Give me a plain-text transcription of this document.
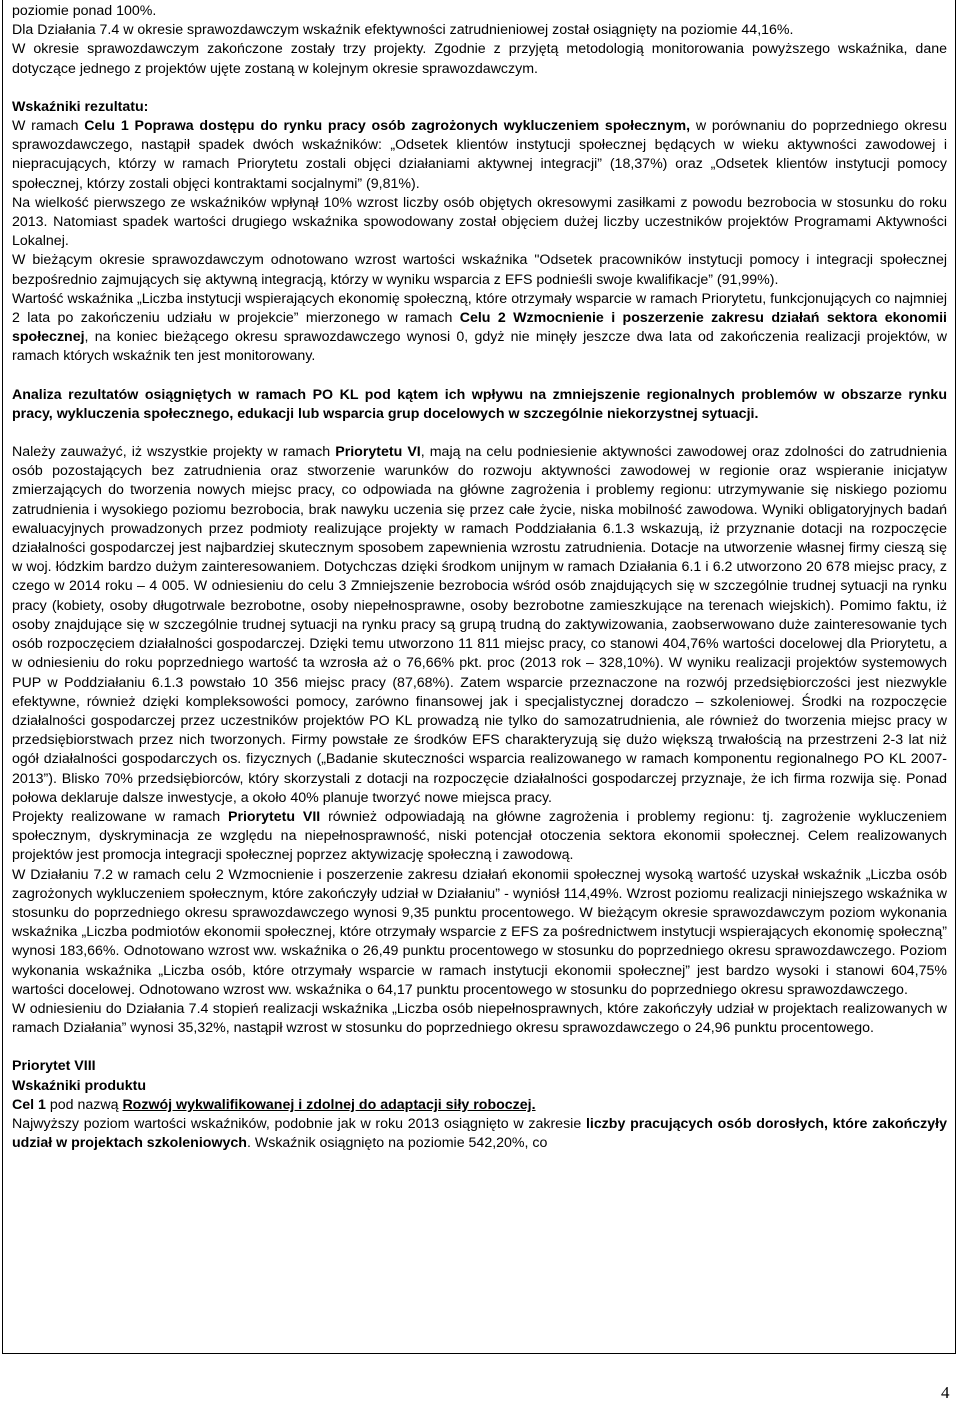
poziomie ponad 100%.

Dla Działania 7.4 w okresie sprawozdawczym wskaźnik efektywności zatrudnieniowej został osiągnięty na poziomie 44,16%.

W okresie sprawozdawczym zakończone zostały trzy projekty. Zgodnie z przyjętą metodologią monitorowania powyższego wskaźnika, dane dotyczące jednego z projektów ujęte zostaną w kolejnym okresie sprawozdawczym.

Wskaźniki rezultatu:

W ramach Celu 1 Poprawa dostępu do rynku pracy osób zagrożonych wykluczeniem społecznym, w porównaniu do poprzedniego okresu sprawozdawczego, nastąpił spadek dwóch wskaźników: „Odsetek klientów instytucji społecznej będących w wieku aktywności zawodowej i niepracujących, którzy w ramach Priorytetu zostali objęci działaniami aktywnej integracji” (18,37%) oraz „Odsetek klientów instytucji pomocy społecznej, którzy zostali objęci kontraktami socjalnymi” (9,81%).

Na wielkość pierwszego ze wskaźników wpłynął 10% wzrost liczby osób objętych okresowymi zasiłkami z powodu bezrobocia w stosunku do roku 2013. Natomiast spadek wartości drugiego wskaźnika spowodowany został objęciem dużej liczby uczestników projektów Programami Aktywności Lokalnej.

W bieżącym okresie sprawozdawczym odnotowano wzrost wartości wskaźnika "Odsetek pracowników instytucji pomocy i integracji społecznej bezpośrednio zajmujących się aktywną integracją, którzy w wyniku wsparcia z EFS podnieśli swoje kwalifikacje” (91,99%).

Wartość wskaźnika „Liczba instytucji wspierających ekonomię społeczną, które otrzymały wsparcie w ramach Priorytetu, funkcjonujących co najmniej 2 lata po zakończeniu udziału w projekcie” mierzonego w ramach Celu 2 Wzmocnienie i poszerzenie zakresu działań sektora ekonomii społecznej, na koniec bieżącego okresu sprawozdawczego wynosi 0, gdyż nie minęły jeszcze dwa lata od zakończenia realizacji projektów, w ramach których wskaźnik ten jest monitorowany.

Analiza rezultatów osiągniętych w ramach PO KL pod kątem ich wpływu na zmniejszenie regionalnych problemów w obszarze rynku pracy, wykluczenia społecznego, edukacji lub wsparcia grup docelowych w szczególnie niekorzystnej sytuacji.

Należy zauważyć, iż wszystkie projekty w ramach Priorytetu VI, mają na celu podniesienie aktywności zawodowej oraz zdolności do zatrudnienia osób pozostających bez zatrudnienia oraz stworzenie warunków do rozwoju aktywności zawodowej w regionie oraz wspieranie inicjatyw zmierzających do tworzenia nowych miejsc pracy, co odpowiada na główne zagrożenia i problemy regionu: utrzymywanie się niskiego poziomu zatrudnienia i wysokiego poziomu bezrobocia, brak nawyku uczenia się przez całe życie, niska mobilność zawodowa. Wyniki obligatoryjnych badań ewaluacyjnych prowadzonych przez podmioty realizujące projekty w ramach Poddziałania 6.1.3 wskazują, iż przyznanie dotacji na rozpoczęcie działalności gospodarczej jest najbardziej skutecznym sposobem zapewnienia wzrostu zatrudnienia. Dotacje na utworzenie własnej firmy cieszą się w woj. łódzkim bardzo dużym zainteresowaniem. Dotychczas dzięki środkom unijnym w ramach Działania 6.1 i 6.2 utworzono 20 678 miejsc pracy, z czego w 2014 roku – 4 005. W odniesieniu do celu 3 Zmniejszenie bezrobocia wśród osób znajdujących się w szczególnie trudnej sytuacji na rynku pracy (kobiety, osoby długotrwale bezrobotne, osoby niepełnosprawne, osoby bezrobotne zamieszkujące na terenach wiejskich). Pomimo faktu, iż osoby znajdujące się w szczególnie trudnej sytuacji na rynku pracy są grupą trudną do zaktywizowania, zaobserwowano duże zainteresowanie tych osób rozpoczęciem działalności gospodarczej. Dzięki temu utworzono 11 811 miejsc pracy, co stanowi 404,76% wartości docelowej dla Priorytetu, a w odniesieniu do roku poprzedniego wartość ta wzrosła aż o 76,66% pkt. proc (2013 rok – 328,10%). W wyniku realizacji projektów systemowych PUP w Poddziałaniu 6.1.3 powstało 10 356 miejsc pracy (87,68%). Zatem wsparcie przeznaczone na rozwój przedsiębiorczości jest niezwykle efektywne, również dzięki kompleksowości pomocy, zarówno finansowej jak i specjalistycznej doradczo – szkoleniowej. Środki na rozpoczęcie działalności gospodarczej przez uczestników projektów PO KL prowadzą nie tylko do samozatrudnienia, ale również do tworzenia miejsc pracy w przedsiębiorstwach przez nich tworzonych. Firmy powstałe ze środków EFS charakteryzują się dużo większą trwałością na przestrzeni 2-3 lat niż ogół działalności gospodarczych os. fizycznych („Badanie skuteczności wsparcia realizowanego w ramach komponentu regionalnego PO KL 2007-2013”). Blisko 70% przedsiębiorców, który skorzystali z dotacji na rozpoczęcie działalności gospodarczej przyznaje, że ich firma rozwija się. Ponad połowa deklaruje dalsze inwestycje, a około 40% planuje tworzyć nowe miejsca pracy.

Projekty realizowane w ramach Priorytetu VII również odpowiadają na główne zagrożenia i problemy regionu: tj. zagrożenie wykluczeniem społecznym, dyskryminacja ze względu na niepełnosprawność, niski potencjał otoczenia sektora ekonomii społecznej. Celem realizowanych projektów jest promocja integracji społecznej poprzez aktywizację społeczną i zawodową.

W Działaniu 7.2 w ramach celu 2 Wzmocnienie i poszerzenie zakresu działań ekonomii społecznej wysoką wartość uzyskał wskaźnik „Liczba osób zagrożonych wykluczeniem społecznym, które zakończyły udział w Działaniu” - wyniósł 114,49%. Wzrost poziomu realizacji niniejszego wskaźnika w stosunku do poprzedniego okresu sprawozdawczego wynosi 9,35 punktu procentowego. W bieżącym okresie sprawozdawczym poziom wykonania wskaźnika „Liczba podmiotów ekonomii społecznej, które otrzymały wsparcie z EFS za pośrednictwem instytucji wspierających ekonomię społeczną” wynosi 183,66%. Odnotowano wzrost ww. wskaźnika o 26,49 punktu procentowego w stosunku do poprzedniego okresu sprawozdawczego. Poziom wykonania wskaźnika „Liczba osób, które otrzymały wsparcie w ramach instytucji ekonomii społecznej” jest bardzo wysoki i stanowi 604,75% wartości docelowej. Odnotowano wzrost ww. wskaźnika o 64,17 punktu procentowego w stosunku do poprzedniego okresu sprawozdawczego.

W odniesieniu do Działania 7.4 stopień realizacji wskaźnika „Liczba osób niepełnosprawnych, które zakończyły udział w projektach realizowanych w ramach Działania” wynosi 35,32%, nastąpił wzrost w stosunku do poprzedniego okresu sprawozdawczego o 24,96 punktu procentowego.

Priorytet VIII

Wskaźniki produktu

Cel 1 pod nazwą Rozwój wykwalifikowanej i zdolnej do adaptacji siły roboczej.

Najwyższy poziom wartości wskaźników, podobnie jak w roku 2013 osiągnięto w zakresie liczby pracujących osób dorosłych, które zakończyły udział w projektach szkoleniowych. Wskaźnik osiągnięto na poziomie 542,20%, co

4
